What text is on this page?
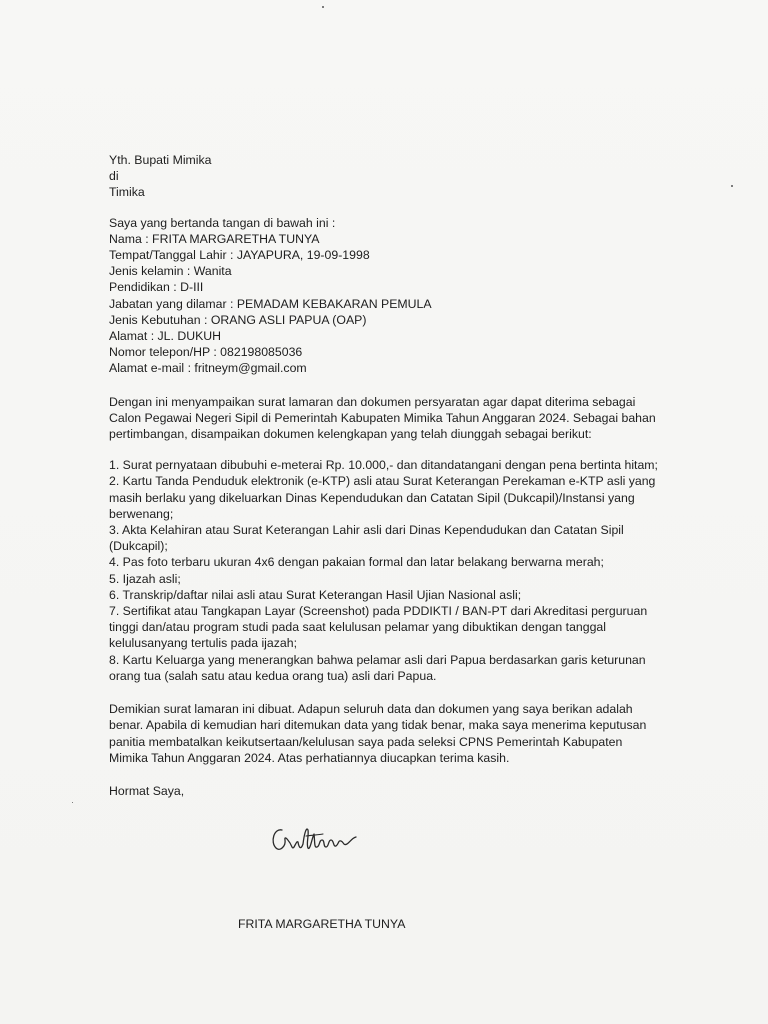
Yth. Bupati Mimika
di
Timika
Saya yang bertanda tangan di bawah ini :
Nama : FRITA MARGARETHA TUNYA
Tempat/Tanggal Lahir : JAYAPURA, 19-09-1998
Jenis kelamin : Wanita
Pendidikan : D-III
Jabatan yang dilamar : PEMADAM KEBAKARAN PEMULA
Jenis Kebutuhan : ORANG ASLI PAPUA (OAP)
Alamat : JL. DUKUH
Nomor telepon/HP : 082198085036
Alamat e-mail : fritneym@gmail.com
Dengan ini menyampaikan surat lamaran dan dokumen persyaratan agar dapat diterima sebagai
Calon Pegawai Negeri Sipil di Pemerintah Kabupaten Mimika Tahun Anggaran 2024. Sebagai bahan
pertimbangan, disampaikan dokumen kelengkapan yang telah diunggah sebagai berikut:
1. Surat pernyataan dibubuhi e-meterai Rp. 10.000,- dan ditandatangani dengan pena bertinta hitam;
2. Kartu Tanda Penduduk elektronik (e-KTP) asli atau Surat Keterangan Perekaman e-KTP asli yang
masih berlaku yang dikeluarkan Dinas Kependudukan dan Catatan Sipil (Dukcapil)/Instansi yang
berwenang;
3. Akta Kelahiran atau Surat Keterangan Lahir asli dari Dinas Kependudukan dan Catatan Sipil
(Dukcapil);
4. Pas foto terbaru ukuran 4x6 dengan pakaian formal dan latar belakang berwarna merah;
5. Ijazah asli;
6. Transkrip/daftar nilai asli atau Surat Keterangan Hasil Ujian Nasional asli;
7. Sertifikat atau Tangkapan Layar (Screenshot) pada PDDIKTI / BAN-PT dari Akreditasi perguruan
tinggi dan/atau program studi pada saat kelulusan pelamar yang dibuktikan dengan tanggal
kelulusanyang tertulis pada ijazah;
8. Kartu Keluarga yang menerangkan bahwa pelamar asli dari Papua berdasarkan garis keturunan
orang tua (salah satu atau kedua orang tua) asli dari Papua.
Demikian surat lamaran ini dibuat. Adapun seluruh data dan dokumen yang saya berikan adalah
benar. Apabila di kemudian hari ditemukan data yang tidak benar, maka saya menerima keputusan
panitia membatalkan keikutsertaan/kelulusan saya pada seleksi CPNS Pemerintah Kabupaten
Mimika Tahun Anggaran 2024. Atas perhatiannya diucapkan terima kasih.
Hormat Saya,
FRITA MARGARETHA TUNYA
